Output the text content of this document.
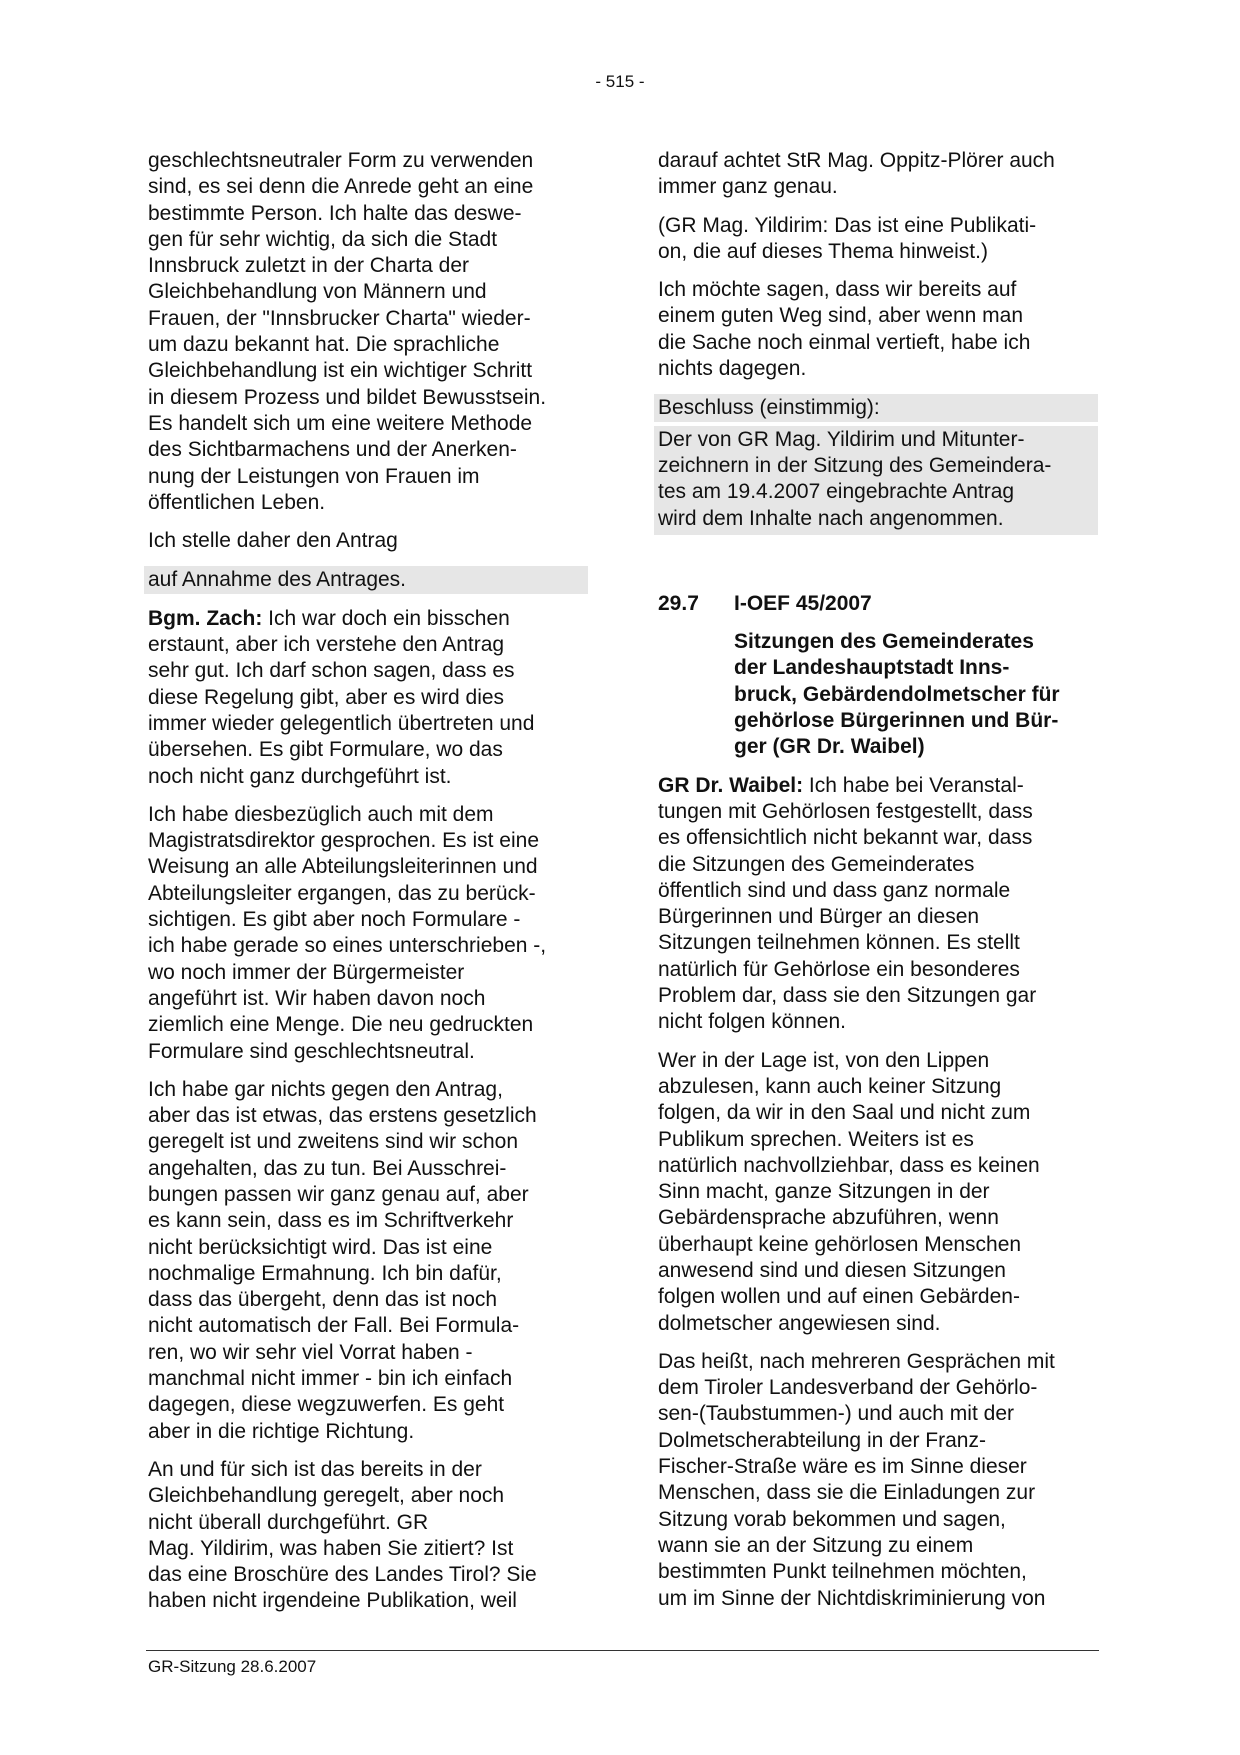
- 515 -

geschlechtsneutraler Form zu verwenden
sind, es sei denn die Anrede geht an eine
bestimmte Person. Ich halte das deswe-
gen für sehr wichtig, da sich die Stadt
Innsbruck zuletzt in der Charta der
Gleichbehandlung von Männern und
Frauen, der "Innsbrucker Charta" wieder-
um dazu bekannt hat. Die sprachliche
Gleichbehandlung ist ein wichtiger Schritt
in diesem Prozess und bildet Bewusstsein.
Es handelt sich um eine weitere Methode
des Sichtbarmachens und der Anerken-
nung der Leistungen von Frauen im
öffentlichen Leben.

Ich stelle daher den Antrag

auf Annahme des Antrages.

Bgm. Zach: Ich war doch ein bisschen
erstaunt, aber ich verstehe den Antrag
sehr gut. Ich darf schon sagen, dass es
diese Regelung gibt, aber es wird dies
immer wieder gelegentlich übertreten und
übersehen. Es gibt Formulare, wo das
noch nicht ganz durchgeführt ist.

Ich habe diesbezüglich auch mit dem
Magistratsdirektor gesprochen. Es ist eine
Weisung an alle Abteilungsleiterinnen und
Abteilungsleiter ergangen, das zu berück-
sichtigen. Es gibt aber noch Formulare -
ich habe gerade so eines unterschrieben -,
wo noch immer der Bürgermeister
angeführt ist. Wir haben davon noch
ziemlich eine Menge. Die neu gedruckten
Formulare sind geschlechtsneutral.

Ich habe gar nichts gegen den Antrag,
aber das ist etwas, das erstens gesetzlich
geregelt ist und zweitens sind wir schon
angehalten, das zu tun. Bei Ausschrei-
bungen passen wir ganz genau auf, aber
es kann sein, dass es im Schriftverkehr
nicht berücksichtigt wird. Das ist eine
nochmalige Ermahnung. Ich bin dafür,
dass das übergeht, denn das ist noch
nicht automatisch der Fall. Bei Formula-
ren, wo wir sehr viel Vorrat haben -
manchmal nicht immer - bin ich einfach
dagegen, diese wegzuwerfen. Es geht
aber in die richtige Richtung.

An und für sich ist das bereits in der
Gleichbehandlung geregelt, aber noch
nicht überall durchgeführt. GR
Mag. Yildirim, was haben Sie zitiert? Ist
das eine Broschüre des Landes Tirol? Sie
haben nicht irgendeine Publikation, weil

darauf achtet StR Mag. Oppitz-Plörer auch
immer ganz genau.

(GR Mag. Yildirim: Das ist eine Publikati-
on, die auf dieses Thema hinweist.)

Ich möchte sagen, dass wir bereits auf
einem guten Weg sind, aber wenn man
die Sache noch einmal vertieft, habe ich
nichts dagegen.

Beschluss (einstimmig):

Der von GR Mag. Yildirim und Mitunter-
zeichnern in der Sitzung des Gemeindera-
tes am 19.4.2007 eingebrachte Antrag
wird dem Inhalte nach angenommen.

29.7 I-OEF 45/2007
Sitzungen des Gemeinderates
der Landeshauptstadt Inns-
bruck, Gebärdendolmetscher für
gehörlose Bürgerinnen und Bür-
ger (GR Dr. Waibel)

GR Dr. Waibel: Ich habe bei Veranstal-
tungen mit Gehörlosen festgestellt, dass
es offensichtlich nicht bekannt war, dass
die Sitzungen des Gemeinderates
öffentlich sind und dass ganz normale
Bürgerinnen und Bürger an diesen
Sitzungen teilnehmen können. Es stellt
natürlich für Gehörlose ein besonderes
Problem dar, dass sie den Sitzungen gar
nicht folgen können.

Wer in der Lage ist, von den Lippen
abzulesen, kann auch keiner Sitzung
folgen, da wir in den Saal und nicht zum
Publikum sprechen. Weiters ist es
natürlich nachvollziehbar, dass es keinen
Sinn macht, ganze Sitzungen in der
Gebärdensprache abzuführen, wenn
überhaupt keine gehörlosen Menschen
anwesend sind und diesen Sitzungen
folgen wollen und auf einen Gebärden-
dolmetscher angewiesen sind.

Das heißt, nach mehreren Gesprächen mit
dem Tiroler Landesverband der Gehörlo-
sen-(Taubstummen-) und auch mit der
Dolmetscherabteilung in der Franz-
Fischer-Straße wäre es im Sinne dieser
Menschen, dass sie die Einladungen zur
Sitzung vorab bekommen und sagen,
wann sie an der Sitzung zu einem
bestimmten Punkt teilnehmen möchten,
um im Sinne der Nichtdiskriminierung von

GR-Sitzung 28.6.2007
